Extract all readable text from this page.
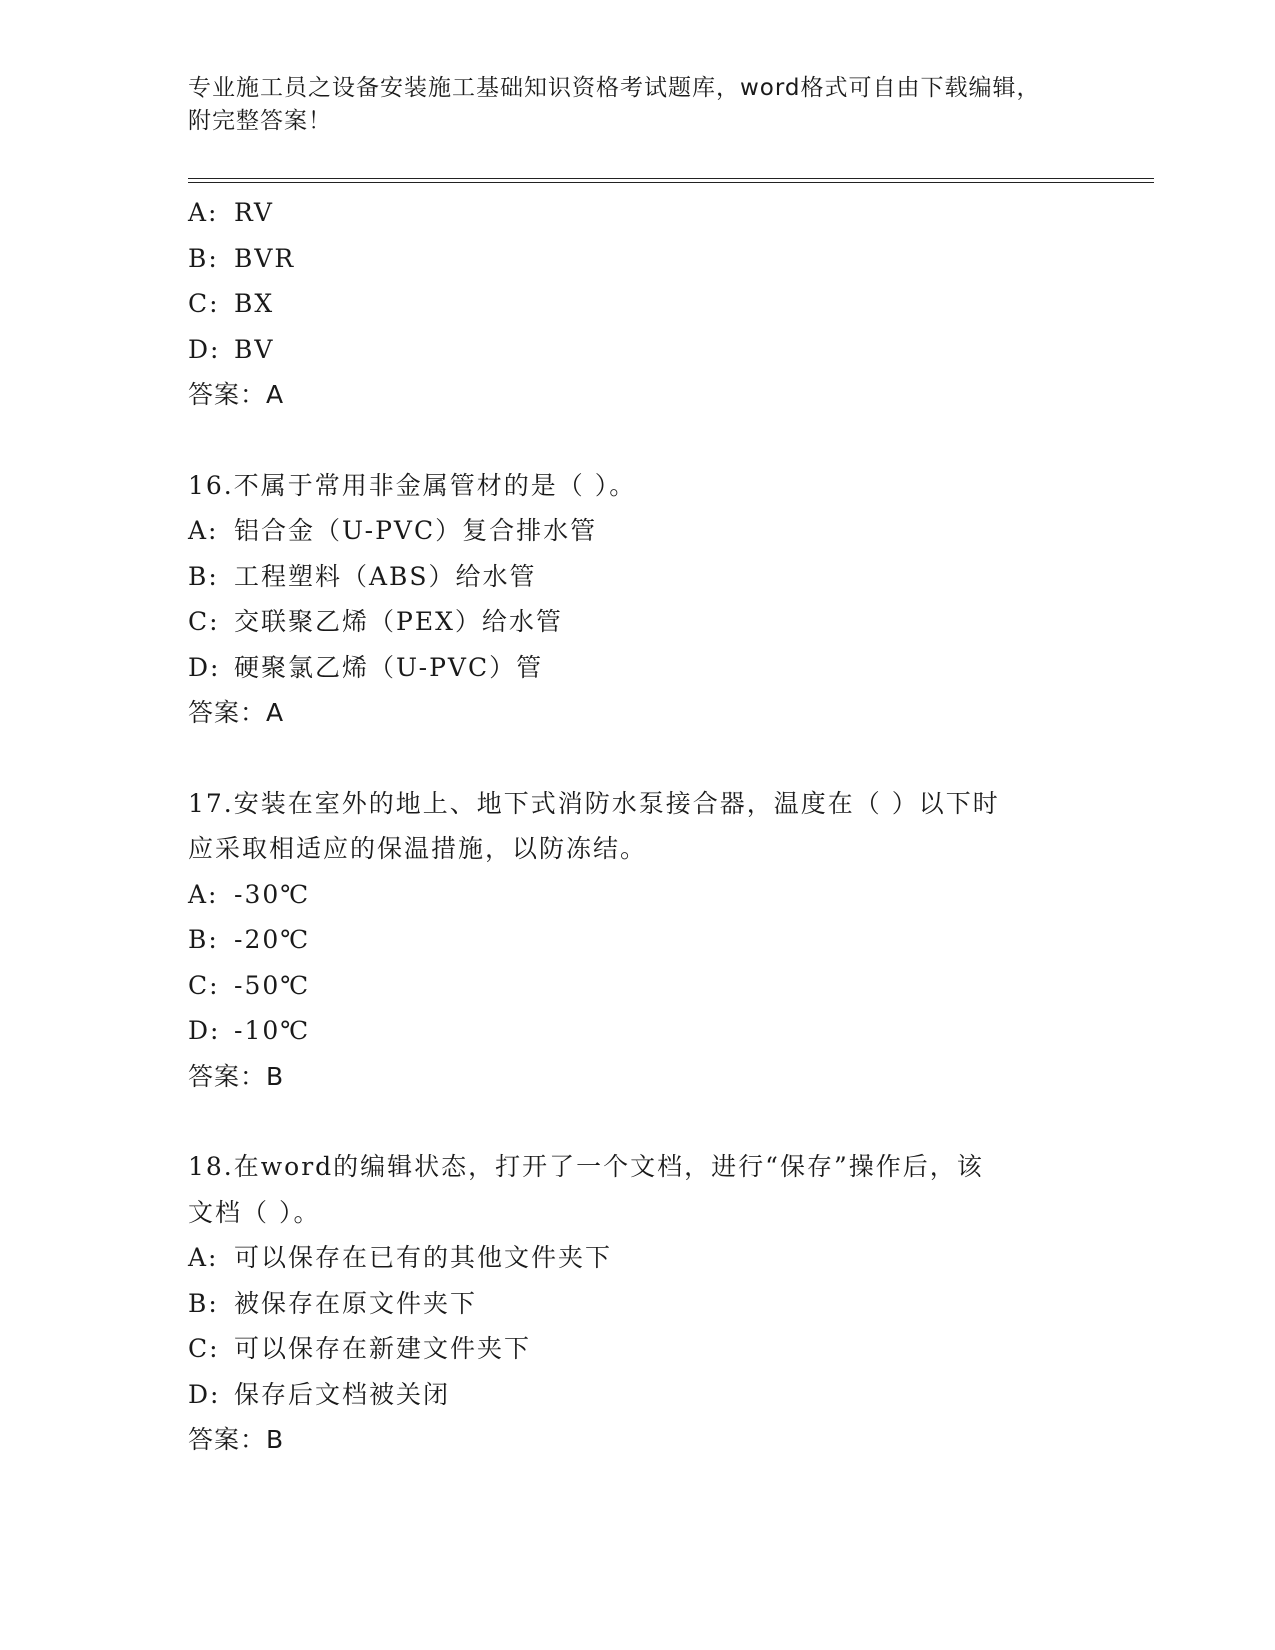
专业施工员之设备安装施工基础知识资格考试题库，word格式可自由下载编辑，
附完整答案！
A: RV
B: BVR
C: BX
D: BV
答案：A
16.不属于常用非金属管材的是（ ）。
A: 铝合金（U-PVC）复合排水管
B: 工程塑料（ABS）给水管
C: 交联聚乙烯（PEX）给水管
D: 硬聚氯乙烯（U-PVC）管
答案：A
17.安装在室外的地上、地下式消防水泵接合器，温度在（ ）以下时
应采取相适应的保温措施，以防冻结。
A: -30℃
B: -20℃
C: -50℃
D: -10℃
答案：B
18.在word的编辑状态，打开了一个文档，进行“保存”操作后，该
文档（ ）。
A: 可以保存在已有的其他文件夹下
B: 被保存在原文件夹下
C: 可以保存在新建文件夹下
D: 保存后文档被关闭
答案：B
